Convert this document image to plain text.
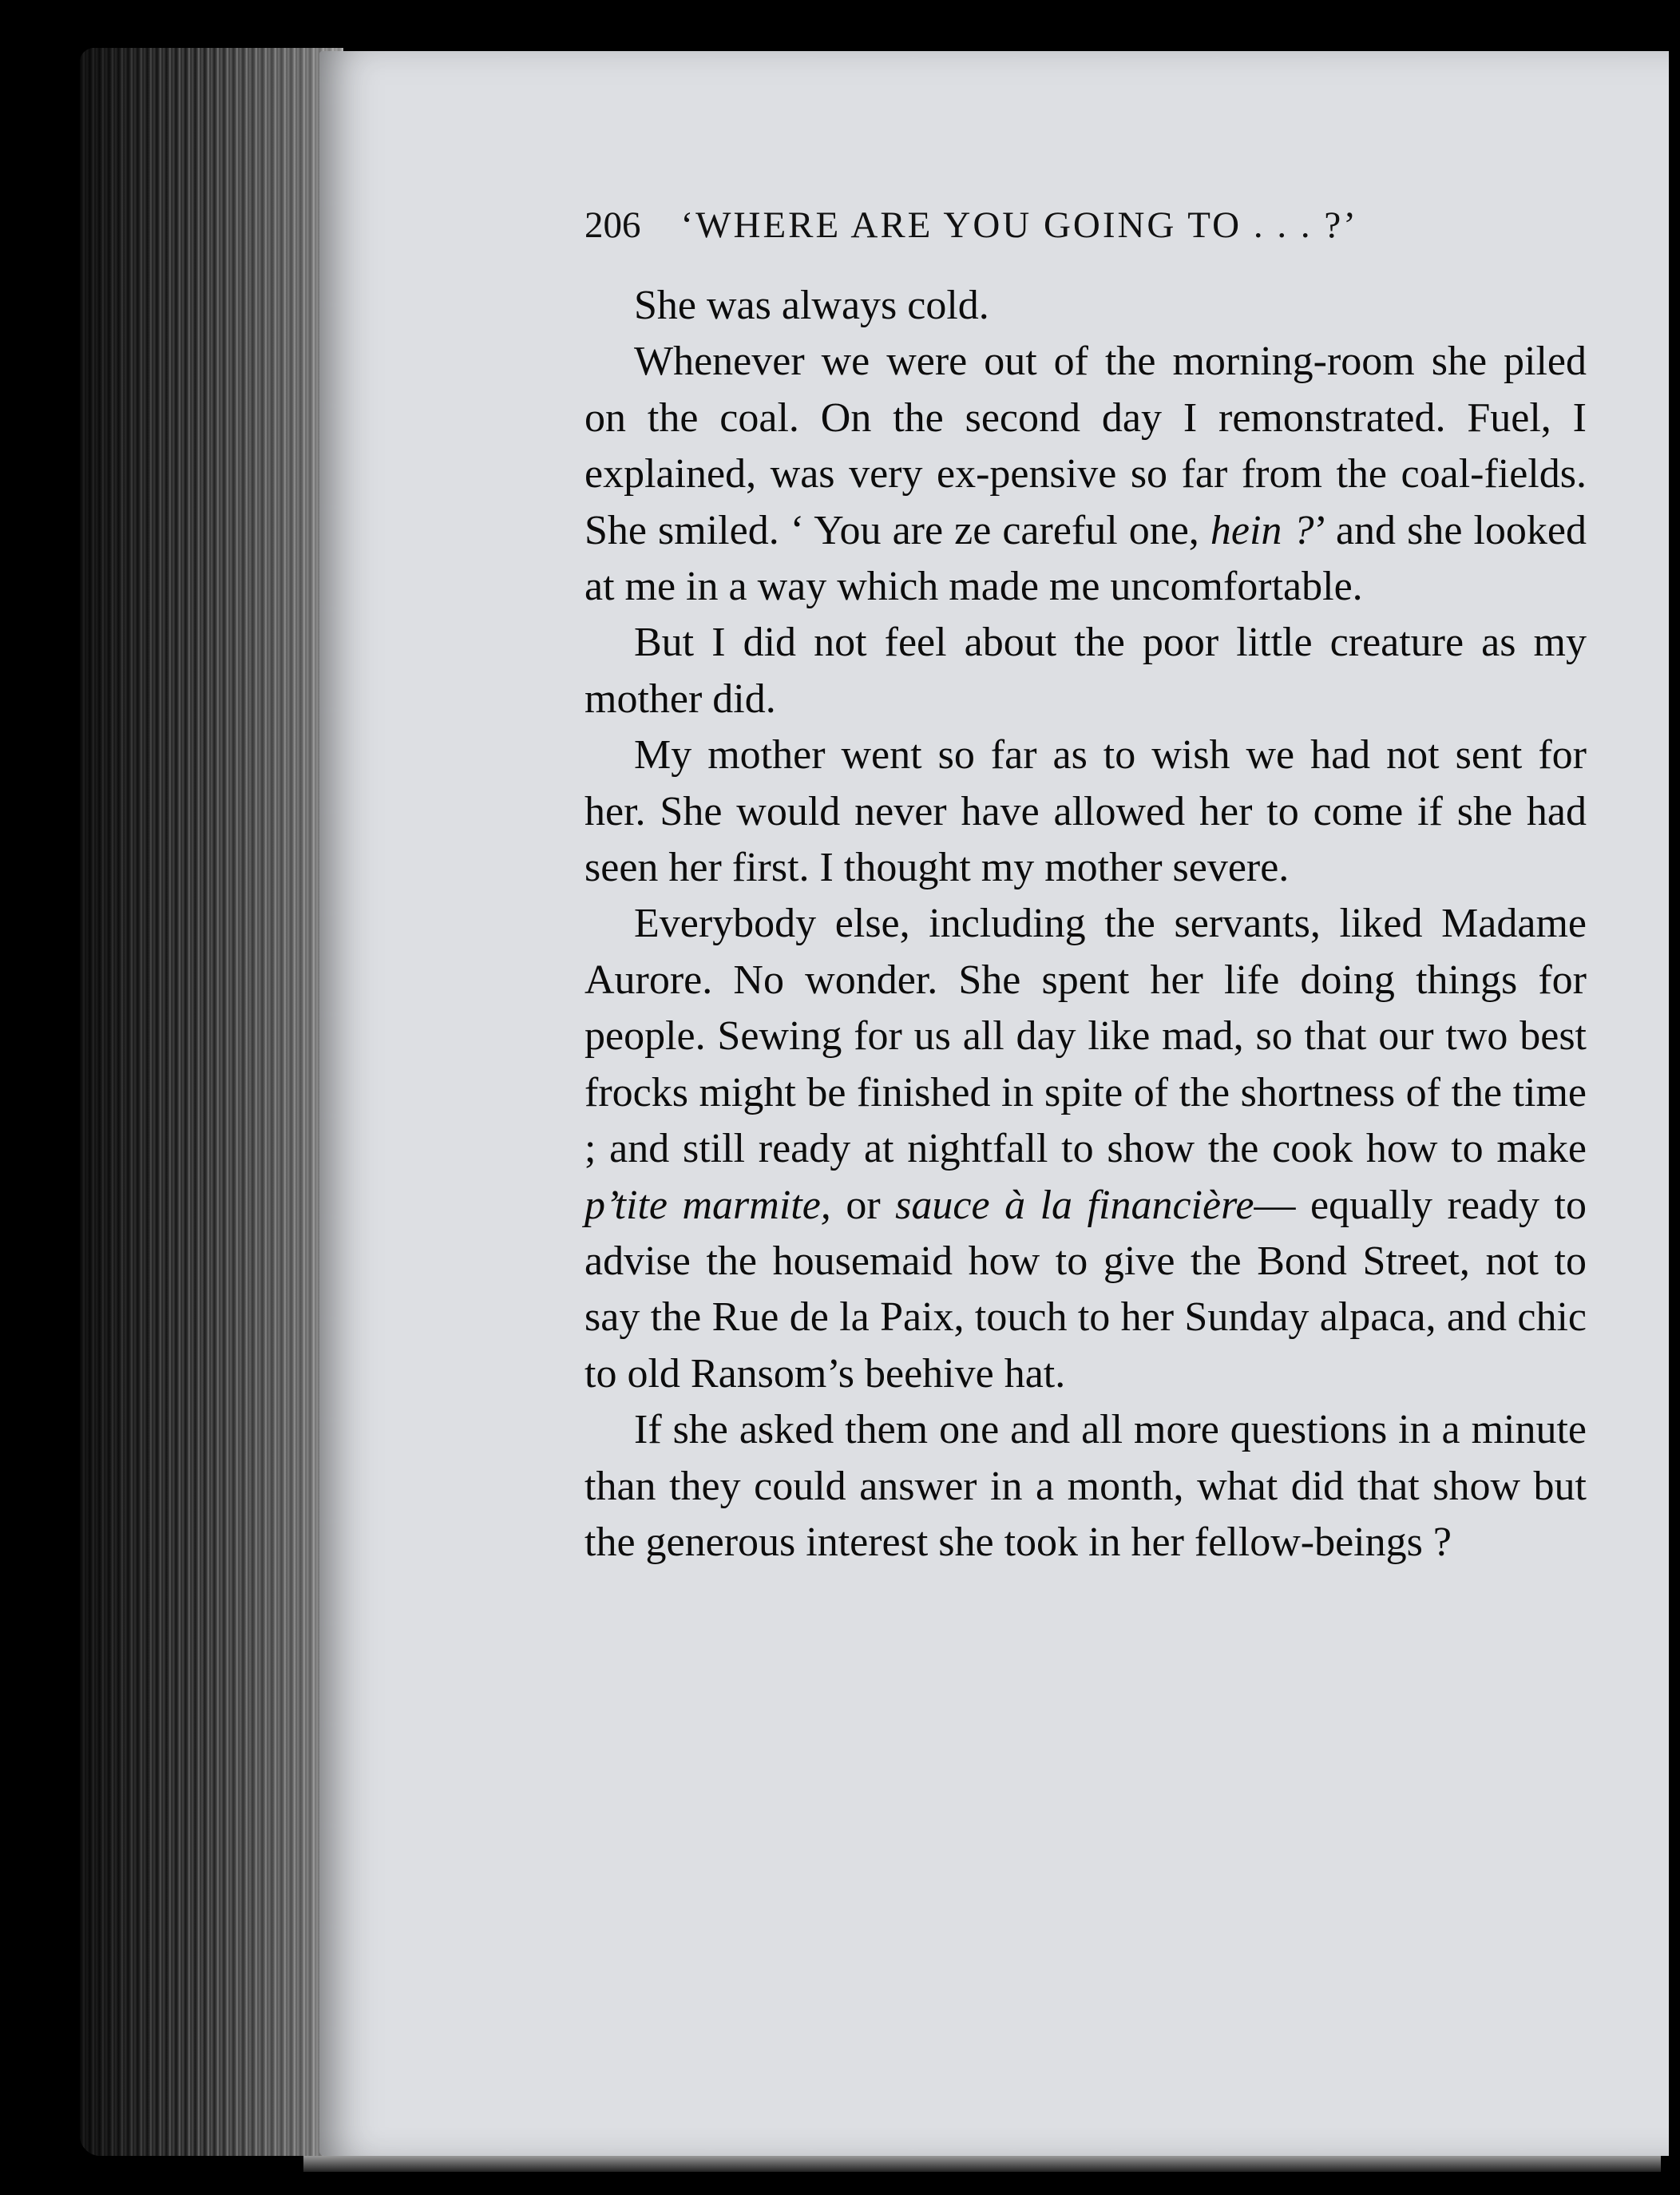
206 ‘WHERE ARE YOU GOING TO . . . ?’

She was always cold.

Whenever we were out of the morning-room she piled on the coal. On the second day I remonstrated. Fuel, I explained, was very ex-pensive so far from the coal-fields. She smiled. ‘ You are ze careful one, hein ?’ and she looked at me in a way which made me uncomfortable.

But I did not feel about the poor little creature as my mother did.

My mother went so far as to wish we had not sent for her. She would never have allowed her to come if she had seen her first. I thought my mother severe.

Everybody else, including the servants, liked Madame Aurore. No wonder. She spent her life doing things for people. Sewing for us all day like mad, so that our two best frocks might be finished in spite of the shortness of the time ; and still ready at nightfall to show the cook how to make p’tite marmite, or sauce à la financière— equally ready to advise the housemaid how to give the Bond Street, not to say the Rue de la Paix, touch to her Sunday alpaca, and chic to old Ransom’s beehive hat.

If she asked them one and all more questions in a minute than they could answer in a month, what did that show but the generous interest she took in her fellow-beings ?
